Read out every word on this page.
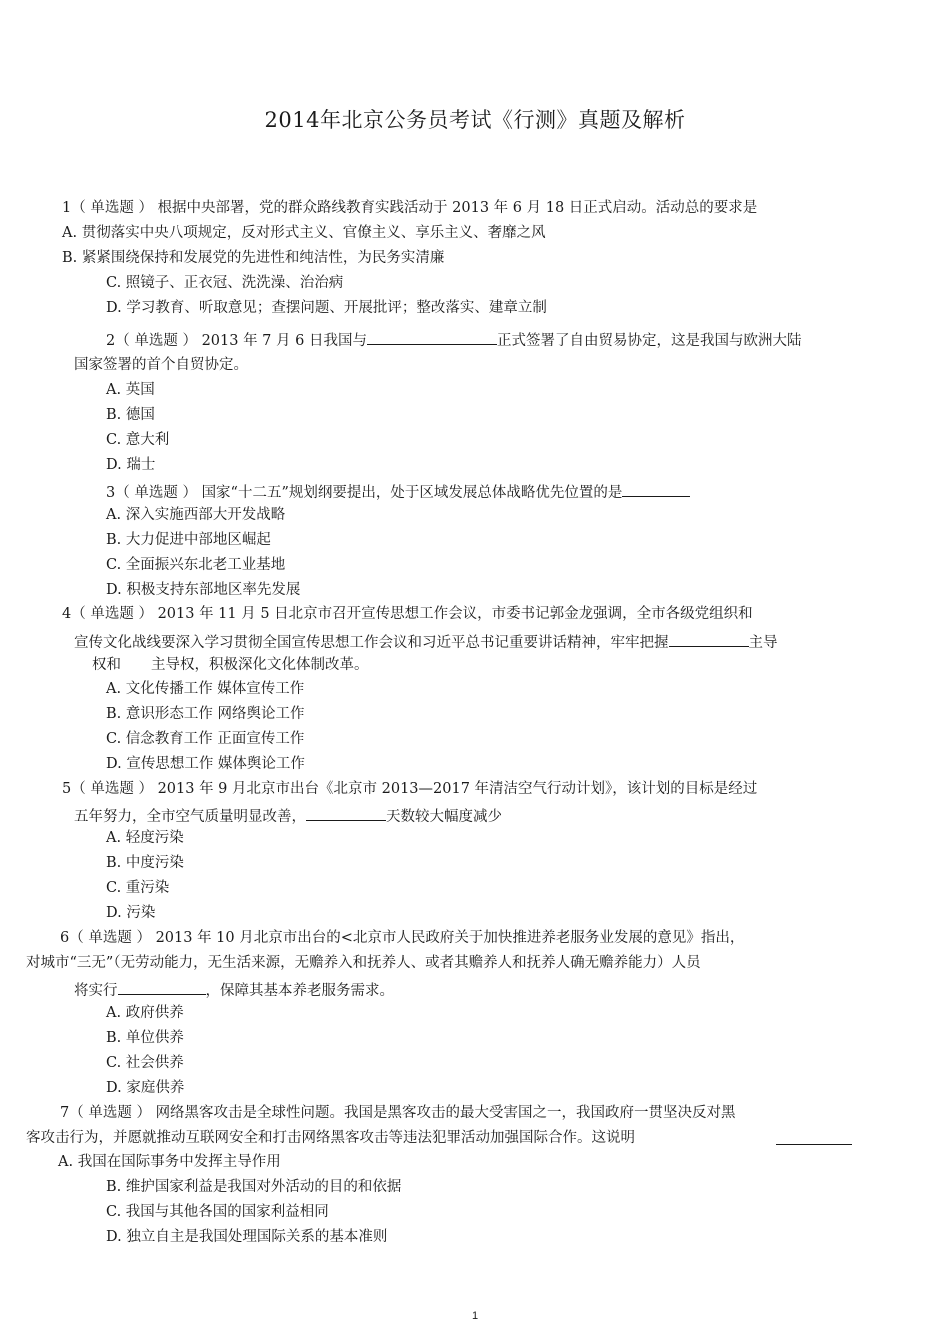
2014年北京公务员考试《行测》真题及解析
1（ 单选题 ） 根据中央部署，党的群众路线教育实践活动于 2013 年 6 月 18 日正式启动。活动总的要求是
A. 贯彻落实中央八项规定，反对形式主义、官僚主义、享乐主义、奢靡之风
B. 紧紧围绕保持和发展党的先进性和纯洁性，为民务实清廉
C. 照镜子、正衣冠、洗洗澡、治治病
D. 学习教育、听取意见；查摆问题、开展批评；整改落实、建章立制
2（ 单选题 ） 2013 年 7 月 6 日我国与	正式签署了自由贸易协定，这是我国与欧洲大陆
国家签署的首个自贸协定。
A. 英国
B. 德国
C. 意大利
D. 瑞士
3（ 单选题 ） 国家“十二五”规划纲要提出，处于区域发展总体战略优先位置的是
A. 深入实施西部大开发战略
B. 大力促进中部地区崛起
C. 全面振兴东北老工业基地
D. 积极支持东部地区率先发展
4（ 单选题 ） 2013 年 11 月 5 日北京市召开宣传思想工作会议，市委书记郭金龙强调，全市各级党组织和
宣传文化战线要深入学习贯彻全国宣传思想工作会议和习近平总书记重要讲话精神，牢牢把握	主导
权和 主导权，积极深化文化体制改革。
A. 文化传播工作 媒体宣传工作
B. 意识形态工作 网络舆论工作
C. 信念教育工作 正面宣传工作
D. 宣传思想工作 媒体舆论工作
5（ 单选题 ） 2013 年 9 月北京市出台《北京市 2013—2017 年清洁空气行动计划》，该计划的目标是经过
五年努力，全市空气质量明显改善，	天数较大幅度减少
A. 轻度污染
B. 中度污染
C. 重污染
D. 污染
6（ 单选题 ） 2013 年 10 月北京市出台的<北京市人民政府关于加快推进养老服务业发展的意见》指出，
对城市“三无”（无劳动能力，无生活来源，无赡养入和抚养人、或者其赡养人和抚养人确无赡养能力）人员
将实行	，保障其基本养老服务需求。
A. 政府供养
B. 单位供养
C. 社会供养
D. 家庭供养
7（ 单选题 ） 网络黑客攻击是全球性问题。我国是黑客攻击的最大受害国之一，我国政府一贯坚决反对黑
客攻击行为，并愿就推动互联网安全和打击网络黑客攻击等违法犯罪活动加强国际合作。这说明
A. 我国在国际事务中发挥主导作用
B. 维护国家利益是我国对外活动的目的和依据
C. 我国与其他各国的国家利益相同
D. 独立自主是我国处理国际关系的基本准则
1
